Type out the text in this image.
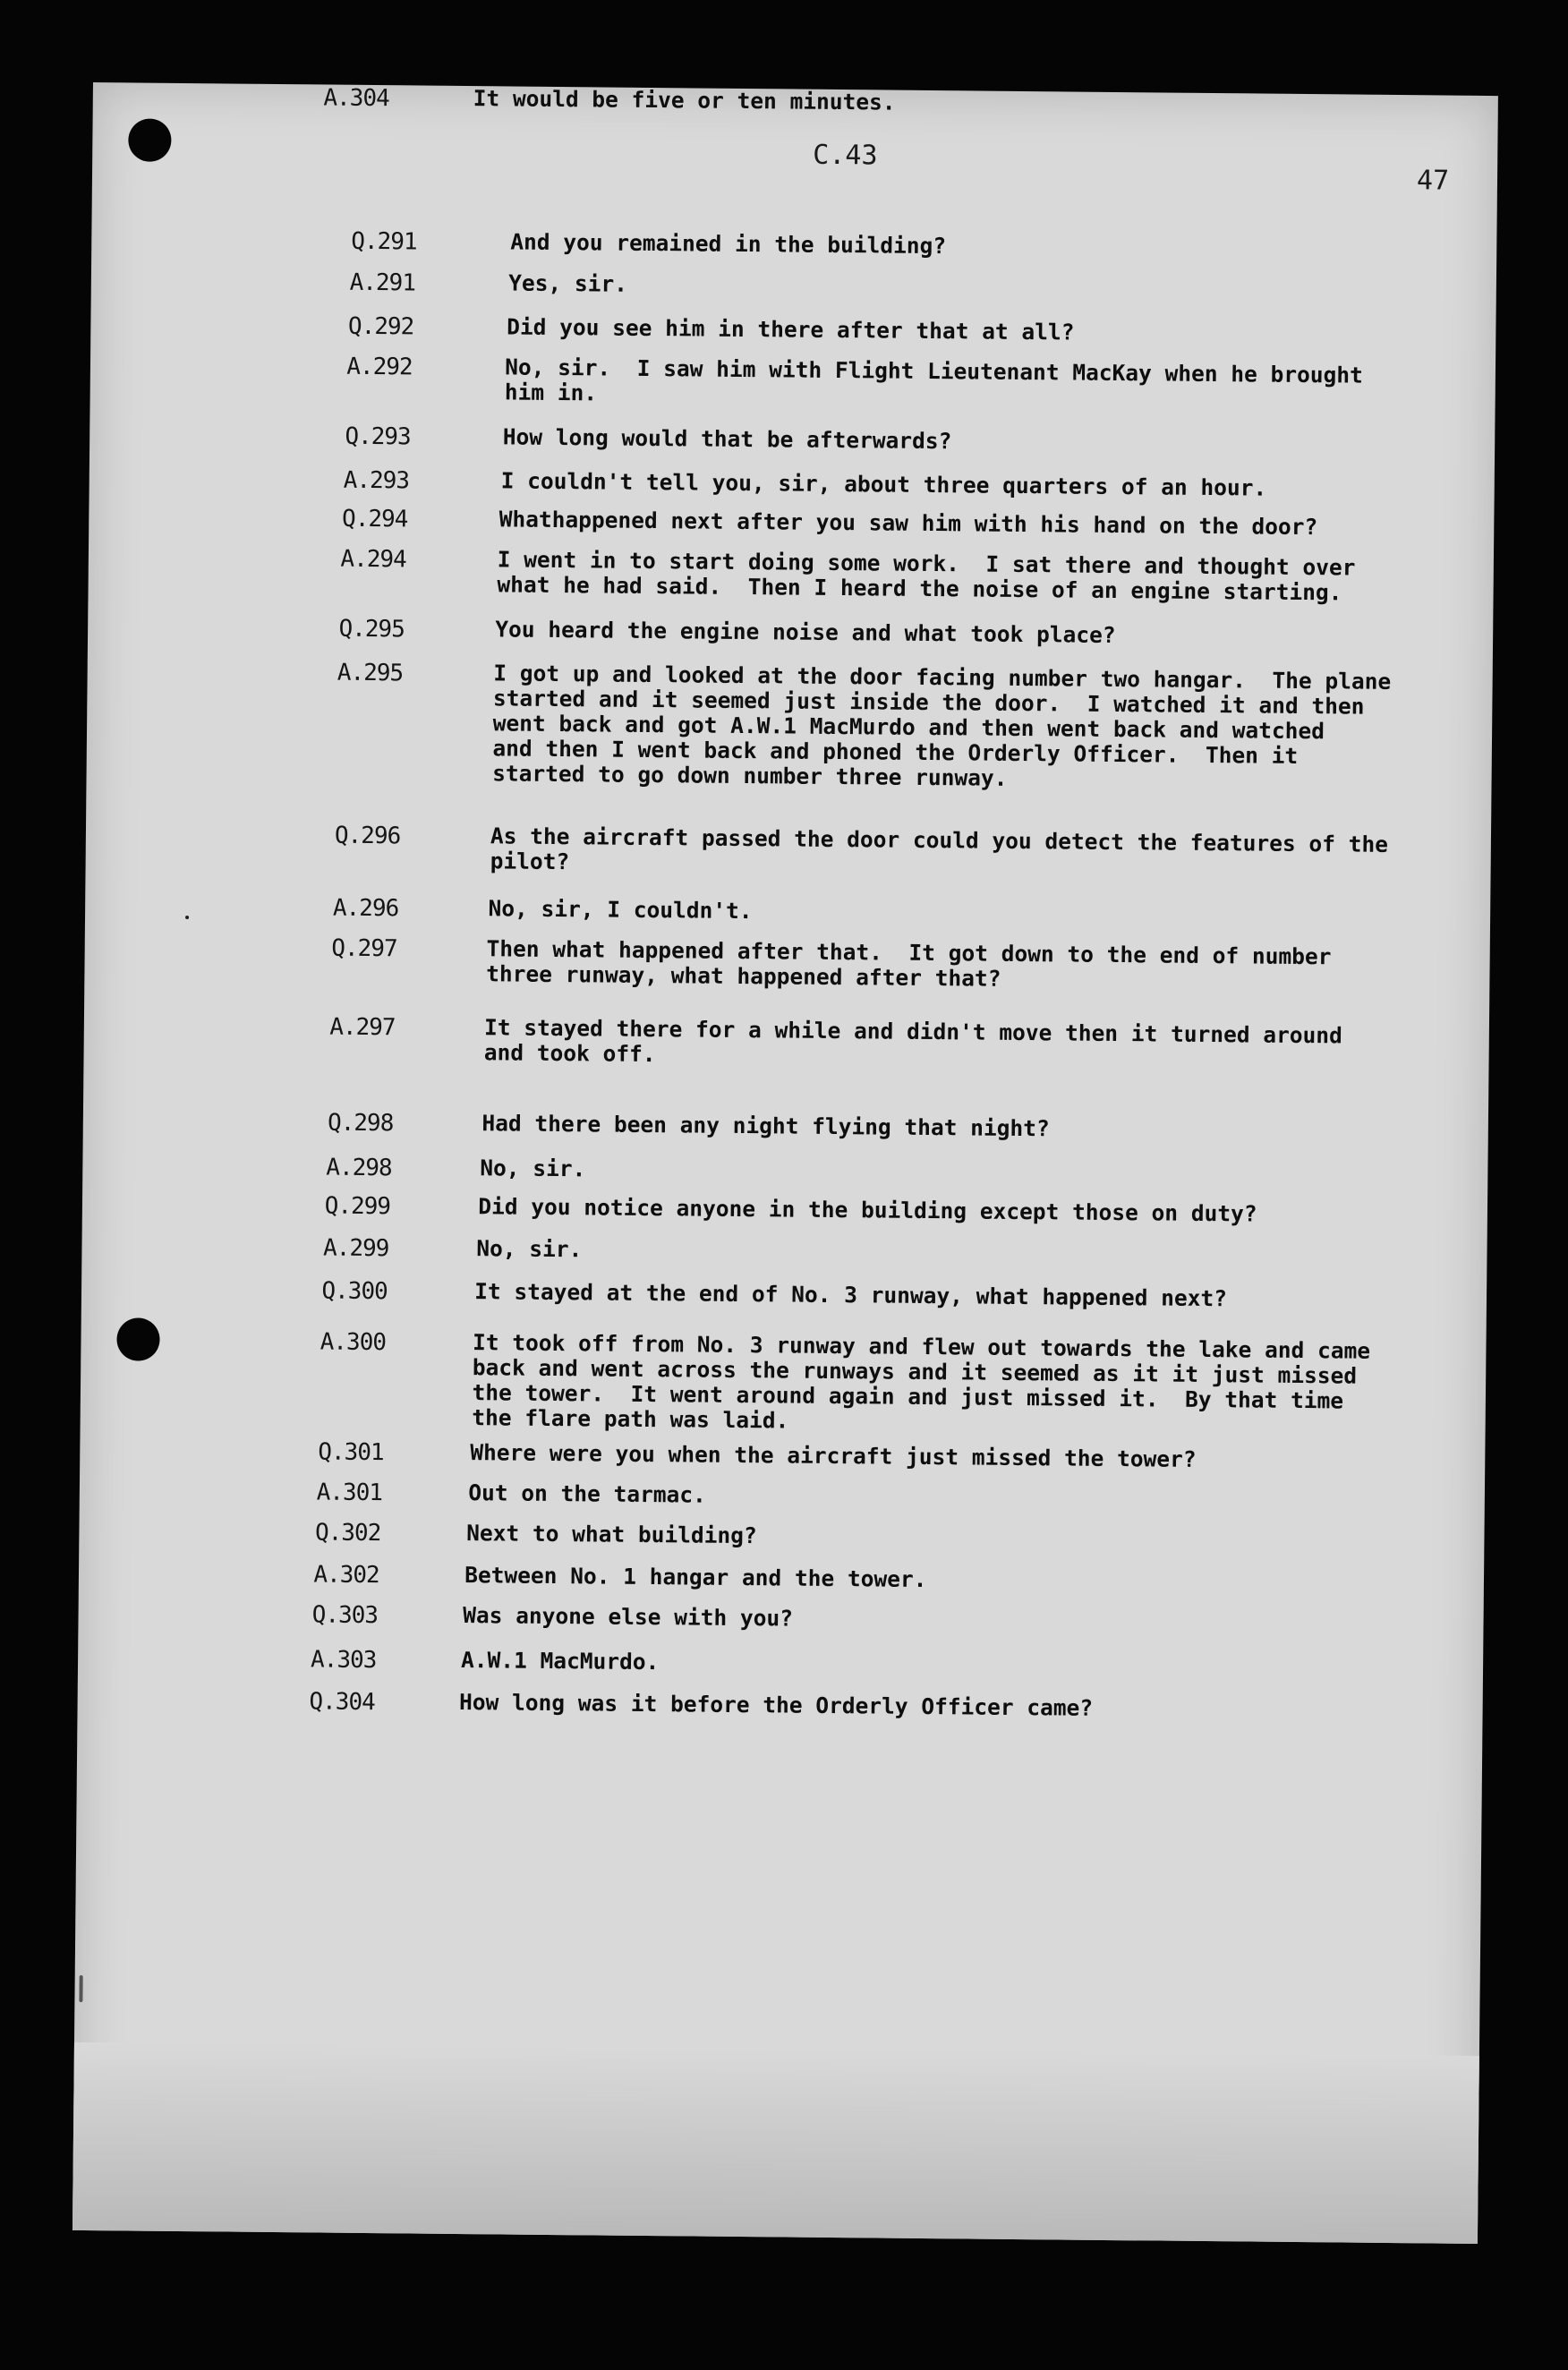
C.43
47
Q.291	And you remained in the building?
A.291	Yes, sir.
Q.292	Did you see him in there after that at all?
A.292	No, sir.  I saw him with Flight Lieutenant MacKay when he brought
him in.
Q.293	How long would that be afterwards?
A.293	I couldn't tell you, sir, about three quarters of an hour.
Q.294	Whathappened next after you saw him with his hand on the door?
A.294	I went in to start doing some work.  I sat there and thought over
what he had said.  Then I heard the noise of an engine starting.
Q.295	You heard the engine noise and what took place?
A.295	I got up and looked at the door facing number two hangar.  The plane
started and it seemed just inside the door.  I watched it and then
went back and got A.W.1 MacMurdo and then went back and watched
and then I went back and phoned the Orderly Officer.  Then it
started to go down number three runway.
Q.296	As the aircraft passed the door could you detect the features of the
pilot?
A.296	No, sir, I couldn't.
Q.297	Then what happened after that.  It got down to the end of number
three runway, what happened after that?
A.297	It stayed there for a while and didn't move then it turned around
and took off.
Q.298	Had there been any night flying that night?
A.298	No, sir.
Q.299	Did you notice anyone in the building except those on duty?
A.299	No, sir.
Q.300	It stayed at the end of No. 3 runway, what happened next?
A.300	It took off from No. 3 runway and flew out towards the lake and came
back and went across the runways and it seemed as it it just missed
the tower.  It went around again and just missed it.  By that time
the flare path was laid.
Q.301	Where were you when the aircraft just missed the tower?
A.301	Out on the tarmac.
Q.302	Next to what building?
A.302	Between No. 1 hangar and the tower.
Q.303	Was anyone else with you?
A.303	A.W.1 MacMurdo.
Q.304	How long was it before the Orderly Officer came?
A.304	It would be five or ten minutes.
